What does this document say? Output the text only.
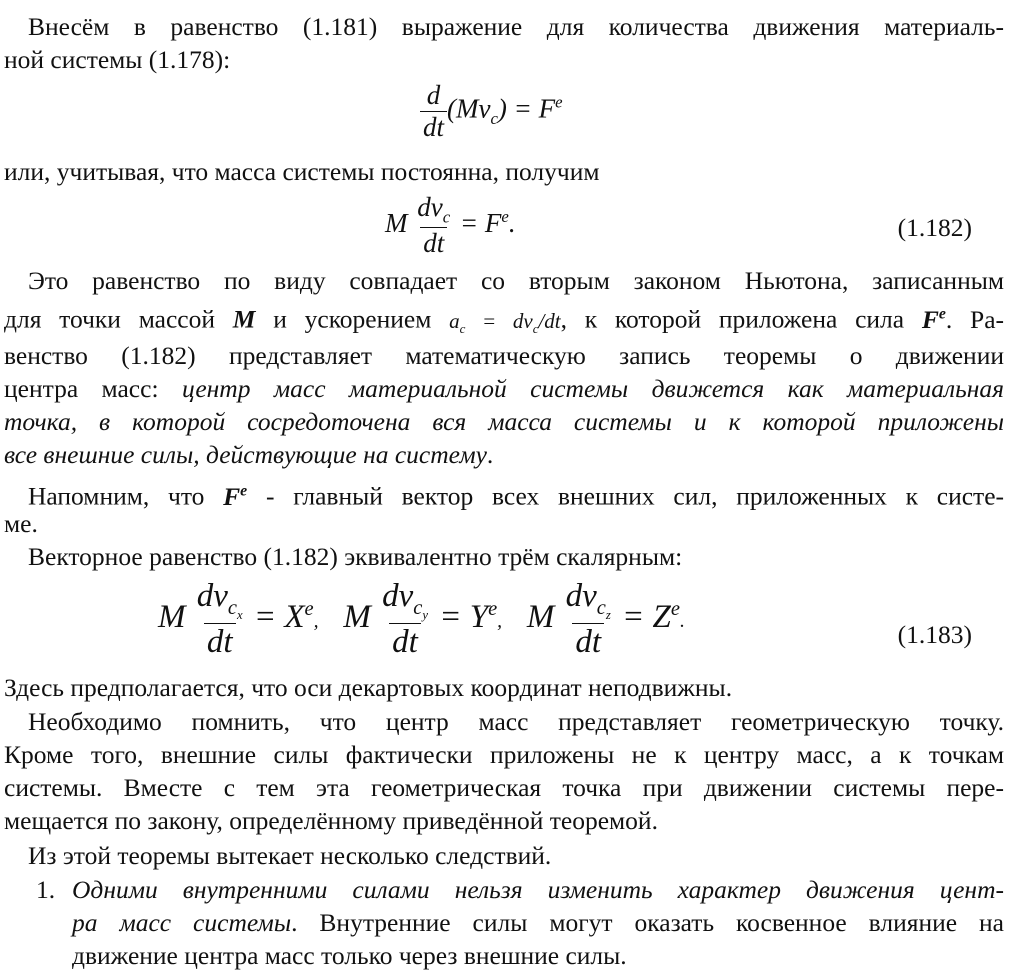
Внесём в равенство (1.181) выражение для количества движения материаль-
ной системы (1.178):
$\frac{d}{dt} (Mv_c) = F^e$
или, учитывая, что масса системы постоянна, получим
M $\frac{dv_c}{dt} = F^e$.	(1.182)
Это равенство по виду совпадает со вторым законом Ньютона, записанным
для точки массой M и ускорением $a_c = dv_c/dt$, к которой приложена сила $F^e$. Ра-
венство (1.182) представляет математическую запись теоремы о движении
центра масс: центр масс материальной системы движется как материальная
точка, в которой сосредоточена вся масса системы и к которой приложены
все внешние силы, действующие на систему.
Напомним, что $F^e$ - главный вектор всех внешних сил, приложенных к систе-
ме.
Векторное равенство (1.182) эквивалентно трём скалярным:
M $\frac{dv_{c_x}}{dt} = X^e$, M $\frac{dv_{c_y}}{dt} = Y^e$, M $\frac{dv_{c_z}}{dt} = Z^e$.	(1.183)
Здесь предполагается, что оси декартовых координат неподвижны.
Необходимо помнить, что центр масс представляет геометрическую точку.
Кроме того, внешние силы фактически приложены не к центру масс, а к точкам
системы. Вместе с тем эта геометрическая точка при движении системы пере-
мещается по закону, определённому приведённой теоремой.
Из этой теоремы вытекает несколько следствий.
1. Одними внутренними силами нельзя изменить характер движения цент-
ра масс системы. Внутренние силы могут оказать косвенное влияние на
движение центра масс только через внешние силы.
